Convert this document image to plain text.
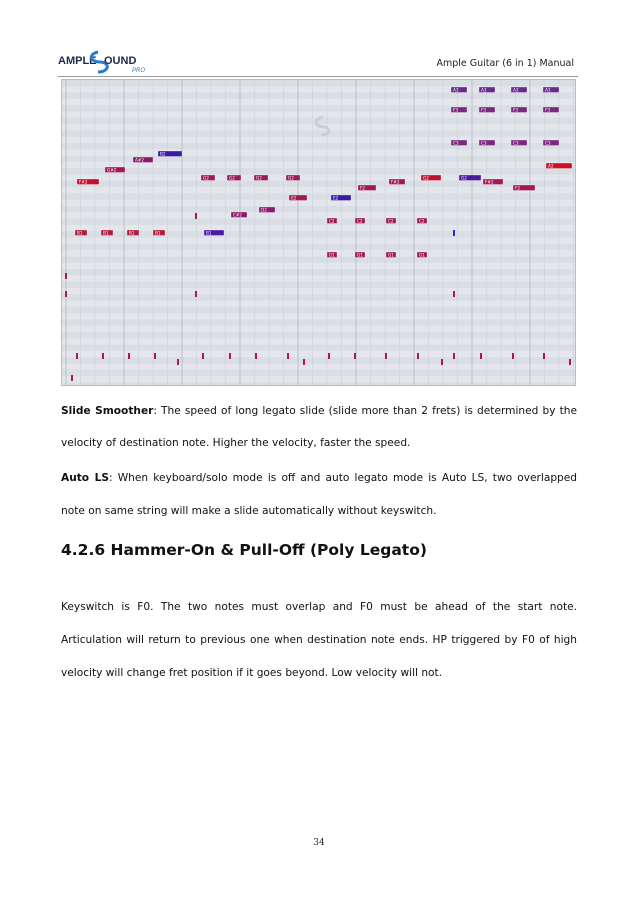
AMPLE OUND
PRO
Ample Guitar (6 in 1) Manual
A3	A3	A3	A3
F3	F3	F3	F3
C3	C3	C3	C3
B2
A#2
A2
G#2
G2	G2	G2	G2	G2	G2
F#2	F#2	F#2
F2	F2
E2	E2
D2
C#2
C2	C2	C2	C2
B1	B1	B1	B1	B1
G1	G1	G1	G1
Slide Smoother: The speed of long legato slide (slide more than 2 frets) is determined by the
velocity of destination note. Higher the velocity, faster the speed.
Auto LS: When keyboard/solo mode is off and auto legato mode is Auto LS, two overlapped
note on same string will make a slide automatically without keyswitch.
4.2.6 Hammer-On & Pull-Off (Poly Legato)
Keyswitch is F0. The two notes must overlap and F0 must be ahead of the start note.
Articulation will return to previous one when destination note ends. HP triggered by F0 of high
velocity will change fret position if it goes beyond. Low velocity will not.
34
